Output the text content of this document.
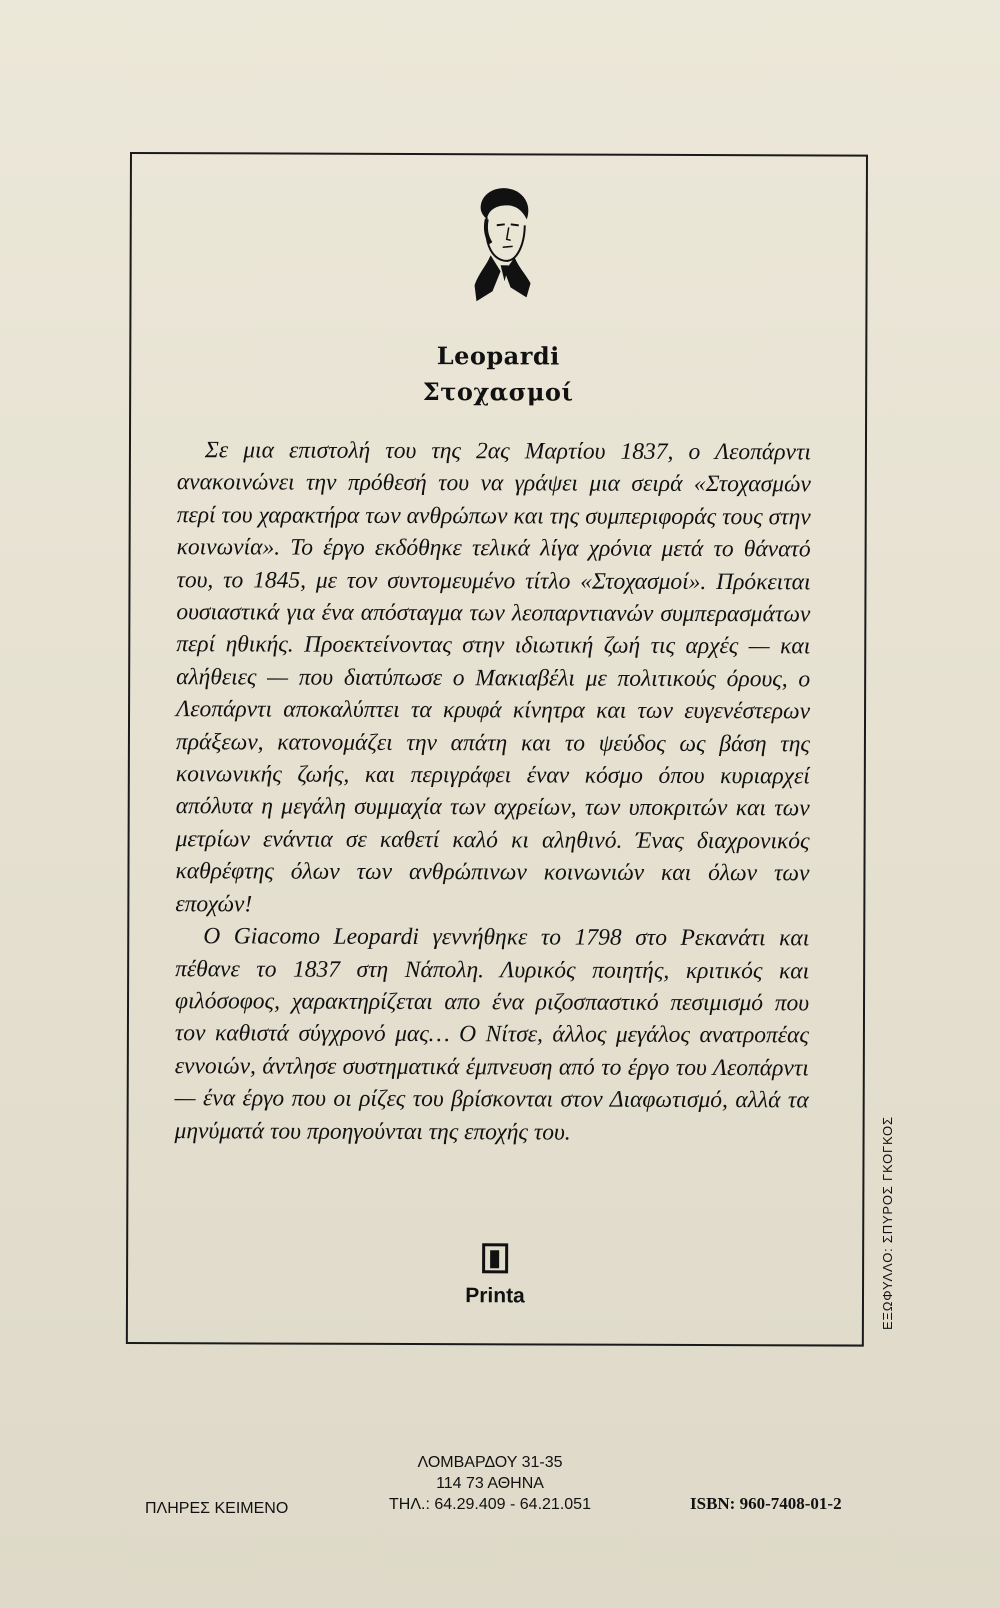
Leopardi
Στοχασμοί

Σε μια επιστολή του της 2ας Μαρτίου 1837, ο Λεοπάρντι ανακοινώνει την πρόθεσή του να γράψει μια σειρά «Στοχασμών περί του χαρακτήρα των ανθρώπων και της συμπεριφοράς τους στην κοινωνία». Το έργο εκδόθηκε τελικά λίγα χρόνια μετά το θάνατό του, το 1845, με τον συντομευμένο τίτλο «Στοχασμοί». Πρόκειται ουσιαστικά για ένα απόσταγμα των λεοπαρντιανών συμπερασμάτων περί ηθικής. Προεκτείνοντας στην ιδιωτική ζωή τις αρχές — και αλήθειες — που διατύπωσε ο Μακιαβέλι με πολιτικούς όρους, ο Λεοπάρντι αποκαλύπτει τα κρυφά κίνητρα και των ευγενέστερων πράξεων, κατονομάζει την απάτη και το ψεύδος ως βάση της κοινωνικής ζωής, και περιγράφει έναν κόσμο όπου κυριαρχεί απόλυτα η μεγάλη συμμαχία των αχρείων, των υποκριτών και των μετρίων ενάντια σε καθετί καλό κι αληθινό. Ένας διαχρονικός καθρέφτης όλων των ανθρώπινων κοινωνιών και όλων των εποχών!

Ο Giacomo Leopardi γεννήθηκε το 1798 στο Ρεκανάτι και πέθανε το 1837 στη Νάπολη. Λυρικός ποιητής, κριτικός και φιλόσοφος, χαρακτηρίζεται απο ένα ριζοσπαστικό πεσιμισμό που τον καθιστά σύγχρονό μας… Ο Νίτσε, άλλος μεγάλος ανατροπέας εννοιών, άντλησε συστηματικά έμπνευση από το έργο του Λεοπάρντι — ένα έργο που οι ρίζες του βρίσκονται στον Διαφωτισμό, αλλά τα μηνύματά του προηγούνται της εποχής του.

Printa	ΕΞΩΦΥΛΛΟ: ΣΠΥΡΟΣ ΓΚΟΓΚΟΣ
ΠΛΗΡΕΣ ΚΕΙΜΕΝΟ
ΛΟΜΒΑΡΔΟΥ 31-35
114 73 ΑΘΗΝΑ
ΤΗΛ.: 64.29.409 - 64.21.051	ISBN: 960-7408-01-2
